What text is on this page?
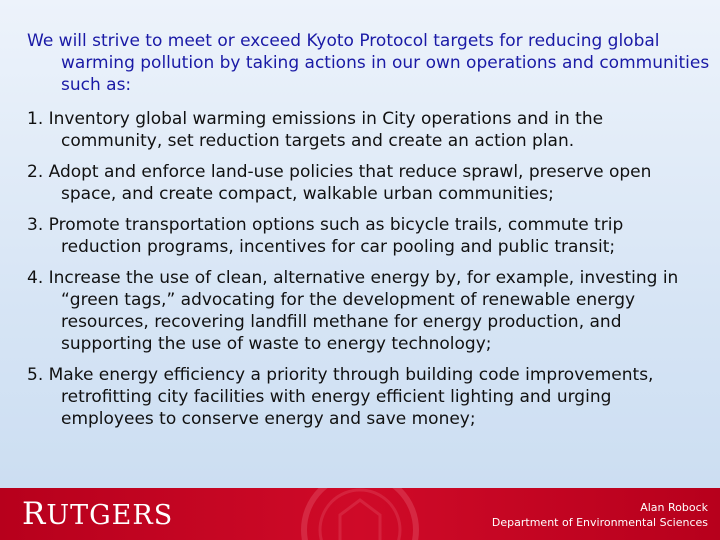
We will strive to meet or exceed Kyoto Protocol targets for reducing global warming pollution by taking actions in our own operations and communities such as:

1. Inventory global warming emissions in City operations and in the community, set reduction targets and create an action plan.
2. Adopt and enforce land-use policies that reduce sprawl, preserve open space, and create compact, walkable urban communities;
3. Promote transportation options such as bicycle trails, commute trip reduction programs, incentives for car pooling and public transit;
4. Increase the use of clean, alternative energy by, for example, investing in “green tags,” advocating for the development of renewable energy resources, recovering landfill methane for energy production, and supporting the use of waste to energy technology;
5. Make energy efficiency a priority through building code improvements, retrofitting city facilities with energy efficient lighting and urging employees to conserve energy and save money;
RUTGERS	Alan Robock
Department of Environmental Sciences
